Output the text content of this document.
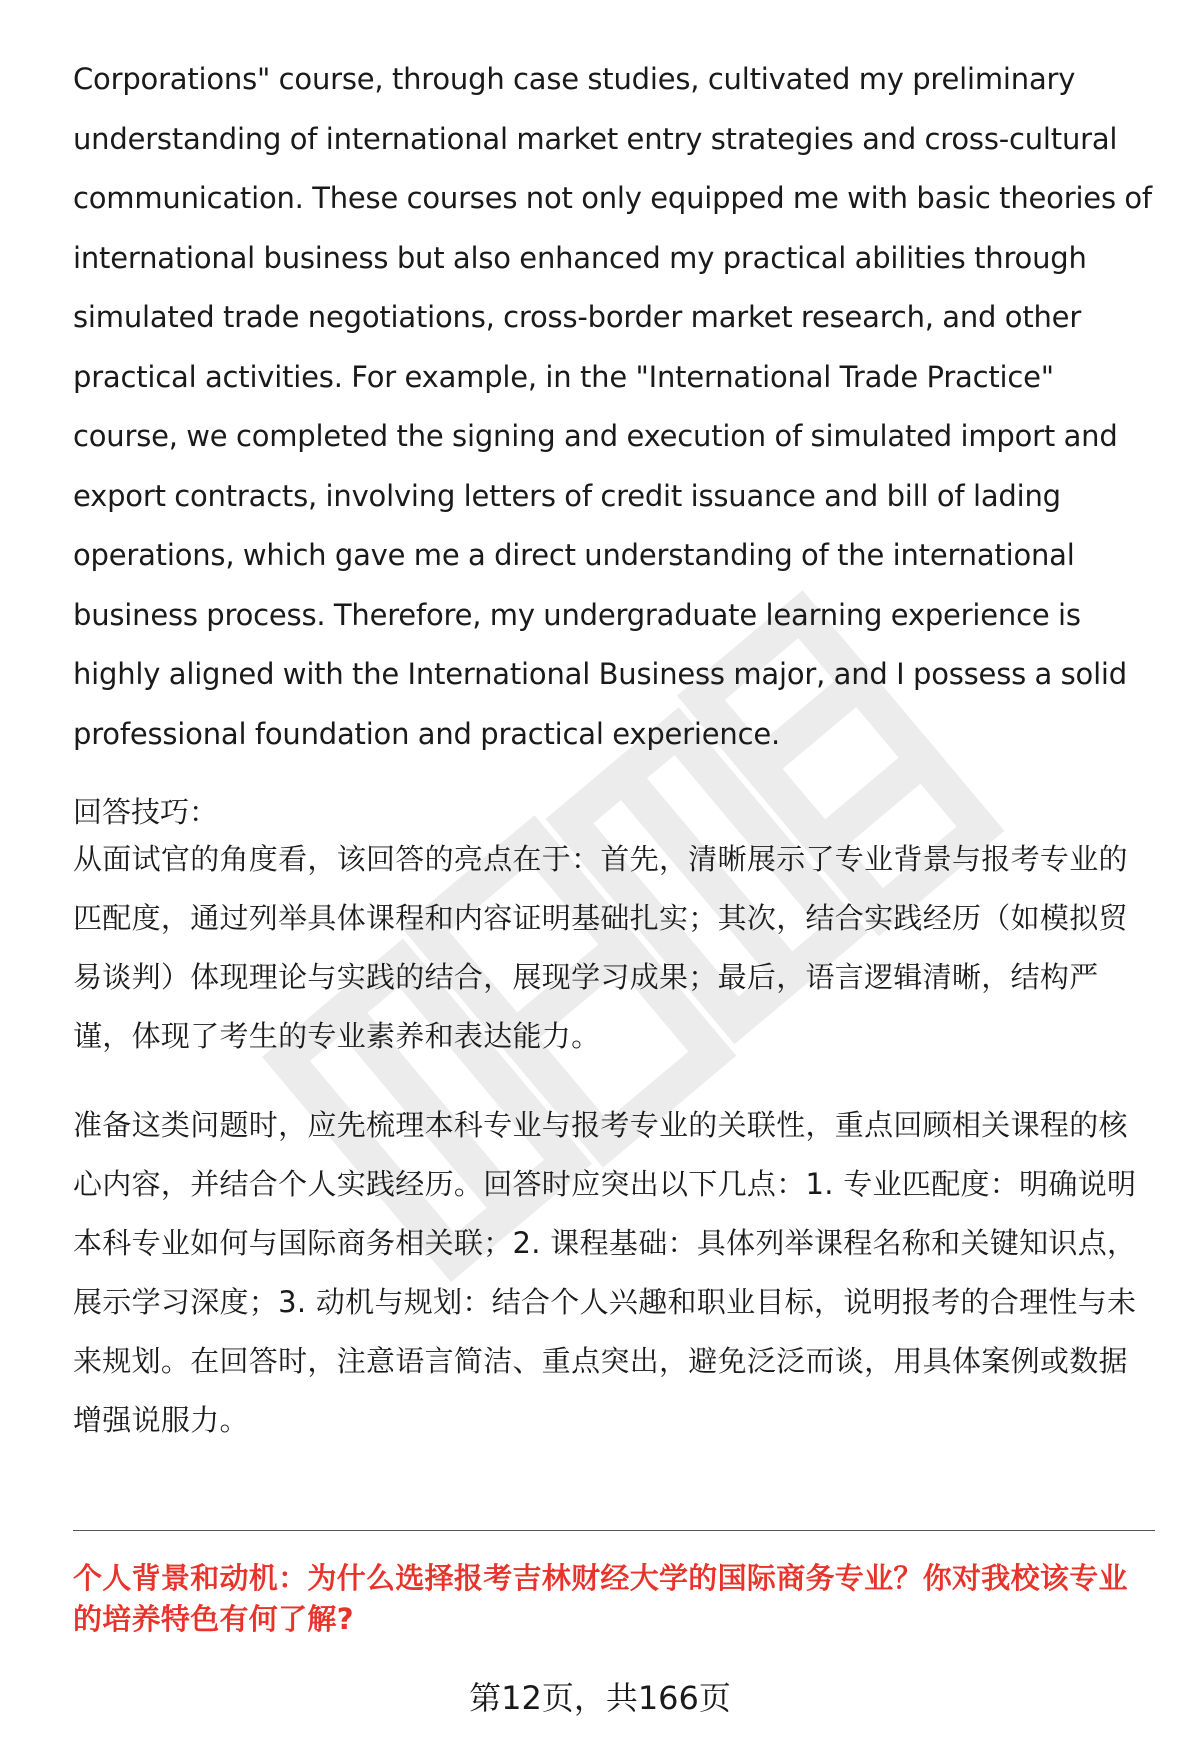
Corporations" course, through case studies, cultivated my preliminary understanding of international market entry strategies and cross-cultural communication. These courses not only equipped me with basic theories of international business but also enhanced my practical abilities through simulated trade negotiations, cross-border market research, and other practical activities. For example, in the "International Trade Practice" course, we completed the signing and execution of simulated import and export contracts, involving letters of credit issuance and bill of lading operations, which gave me a direct understanding of the international business process. Therefore, my undergraduate learning experience is highly aligned with the International Business major, and I possess a solid professional foundation and practical experience.

回答技巧：

从面试官的角度看，该回答的亮点在于：首先，清晰展示了专业背景与报考专业的匹配度，通过列举具体课程和内容证明基础扎实；其次，结合实践经历（如模拟贸易谈判）体现理论与实践的结合，展现学习成果；最后，语言逻辑清晰，结构严谨，体现了考生的专业素养和表达能力。

准备这类问题时，应先梳理本科专业与报考专业的关联性，重点回顾相关课程的核心内容，并结合个人实践经历。回答时应突出以下几点：1. 专业匹配度：明确说明本科专业如何与国际商务相关联；2. 课程基础：具体列举课程名称和关键知识点，展示学习深度；3. 动机与规划：结合个人兴趣和职业目标，说明报考的合理性与未来规划。在回答时，注意语言简洁、重点突出，避免泛泛而谈，用具体案例或数据增强说服力。

个人背景和动机：为什么选择报考吉林财经大学的国际商务专业？你对我校该专业的培养特色有何了解?

第12页，共166页
